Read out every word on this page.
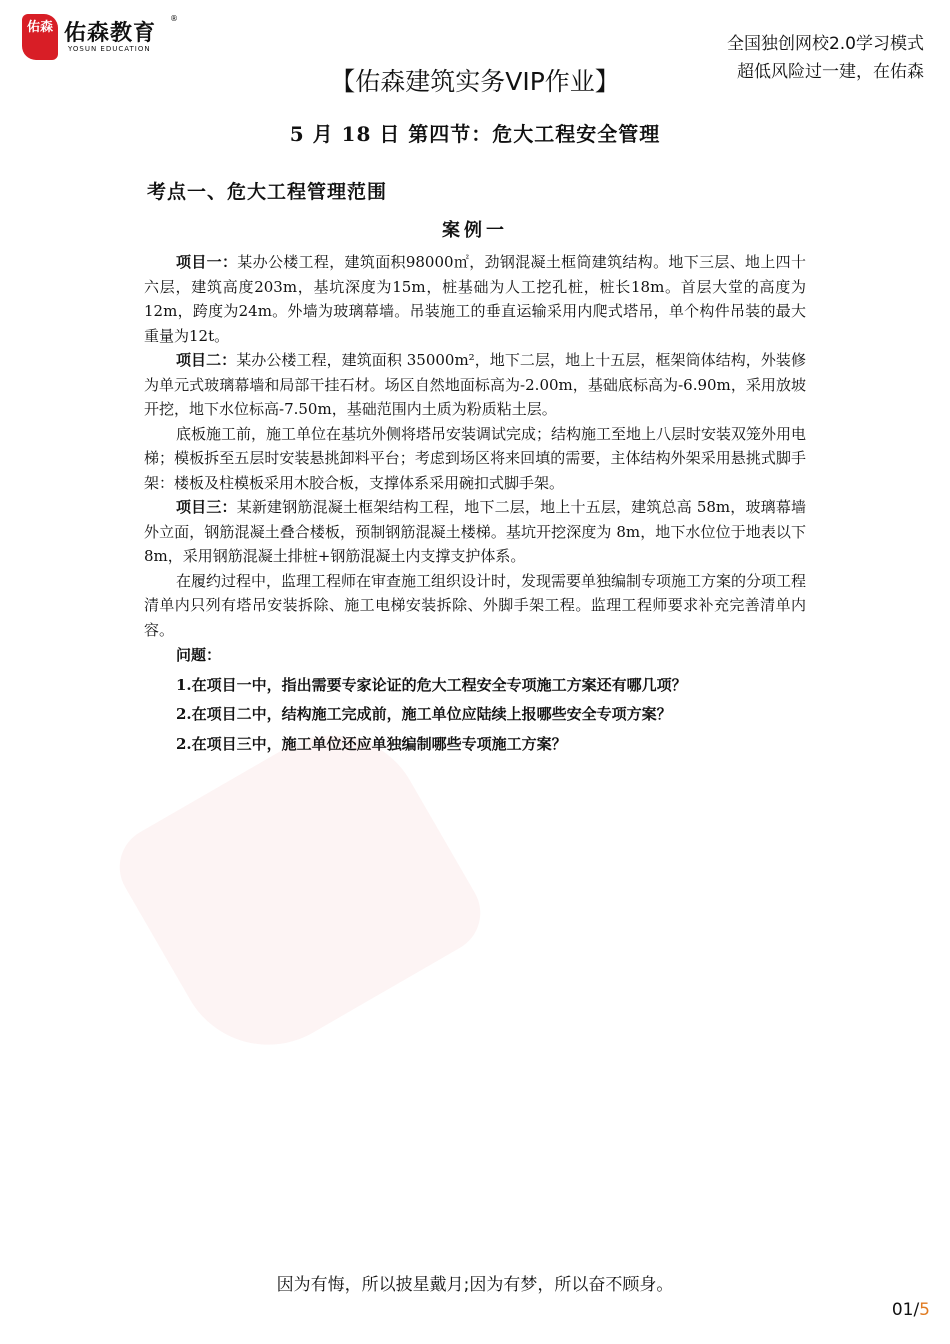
佑森 佑森教育
®
YOSUN EDUCATION	全国独创网校2.0学习模式
超低风险过一建，在佑森
【佑森建筑实务VIP作业】
5 月 18 日 第四节：危大工程安全管理
考点一、危大工程管理范围
案例一

项目一：某办公楼工程，建筑面积98000㎡，劲钢混凝土框筒建筑结构。地下三层、地上四十六层，建筑高度203m，基坑深度为15m，桩基础为人工挖孔桩，桩长18m。首层大堂的高度为12m，跨度为24m。外墙为玻璃幕墙。吊装施工的垂直运输采用内爬式塔吊，单个构件吊装的最大重量为12t。

项目二：某办公楼工程，建筑面积 35000m²，地下二层，地上十五层，框架筒体结构，外装修为单元式玻璃幕墙和局部干挂石材。场区自然地面标高为-2.00m，基础底标高为-6.90m，采用放坡开挖，地下水位标高-7.50m，基础范围内土质为粉质粘土层。

底板施工前，施工单位在基坑外侧将塔吊安装调试完成；结构施工至地上八层时安装双笼外用电梯；模板拆至五层时安装悬挑卸料平台；考虑到场区将来回填的需要，主体结构外架采用悬挑式脚手架：楼板及柱模板采用木胶合板，支撑体系采用碗扣式脚手架。

项目三：某新建钢筋混凝土框架结构工程，地下二层，地上十五层，建筑总高 58m，玻璃幕墙外立面，钢筋混凝土叠合楼板，预制钢筋混凝土楼梯。基坑开挖深度为 8m，地下水位位于地表以下 8m，采用钢筋混凝土排桩+钢筋混凝土内支撑支护体系。

在履约过程中，监理工程师在审查施工组织设计时，发现需要单独编制专项施工方案的分项工程清单内只列有塔吊安装拆除、施工电梯安装拆除、外脚手架工程。监理工程师要求补充完善清单内容。

问题：

1.在项目一中，指出需要专家论证的危大工程安全专项施工方案还有哪几项？

2.在项目二中，结构施工完成前，施工单位应陆续上报哪些安全专项方案？

2.在项目三中，施工单位还应单独编制哪些专项施工方案？

因为有悔，所以披星戴月;因为有梦，所以奋不顾身。
01/5
